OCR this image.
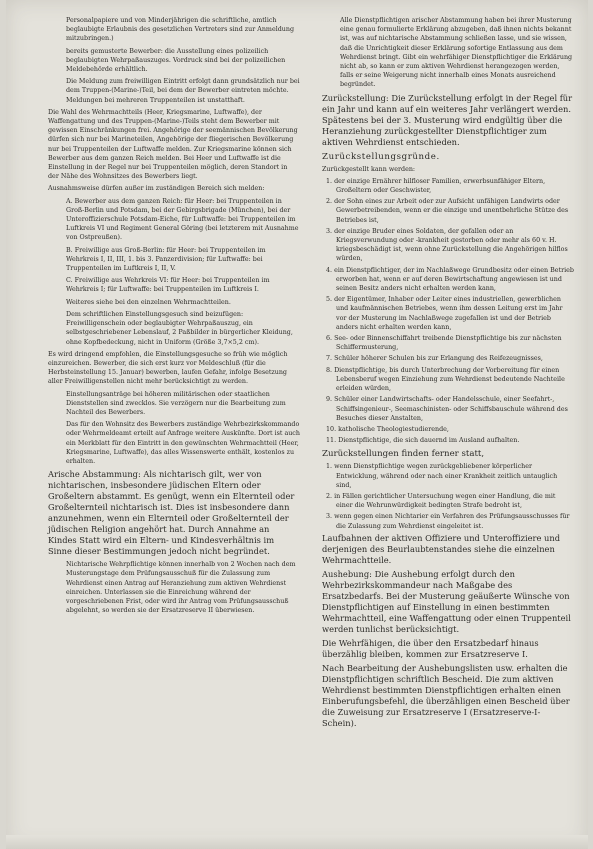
Personalpapiere und von Minderjährigen die schriftliche, amtlich beglaubigte Erlaubnis des gesetzlichen Vertreters sind zur Anmeldung mitzubringen.)

bereits gemusterte Bewerber: die Ausstellung eines polizeilich beglaubigten Wehrpaßauszuges. Vordruck sind bei der polizeilichen Meldebehörde erhältlich.

Die Meldung zum freiwilligen Eintritt erfolgt dann grundsätzlich nur bei dem Truppen-(Marine-)Teil, bei dem der Bewerber eintreten möchte. Meldungen bei mehreren Truppenteilen ist unstatthaft.

Die Wahl des Wehrmachtteils (Heer, Kriegsmarine, Luftwaffe), der Waffengattung und des Truppen-(Marine-)Teils steht dem Bewerber mit gewissen Einschränkungen frei. Angehörige der seemännischen Bevölkerung dürfen sich nur bei Marineteilen, Angehörige der fliegerischen Bevölkerung nur bei Truppenteilen der Luftwaffe melden. Zur Kriegsmarine können sich Bewerber aus dem ganzen Reich melden. Bei Heer und Luftwaffe ist die Einstellung in der Regel nur bei Truppenteilen möglich, deren Standort in der Nähe des Wohnsitzes des Bewerbers liegt.

Ausnahmsweise dürfen außer im zuständigen Bereich sich melden:

A. Bewerber aus dem ganzen Reich: für Heer: bei Truppenteilen in Groß-Berlin und Potsdam, bei der Gebirgsbrigade (München), bei der Unteroffizierschule Potsdam-Eiche, für Luftwaffe: bei Truppenteilen im Luftkreis VI und Regiment General Göring (bei letzterem mit Ausnahme von Ostpreußen).

B. Freiwillige aus Groß-Berlin: für Heer: bei Truppenteilen im Wehrkreis I, II, III, 1. bis 3. Panzerdivision; für Luftwaffe: bei Truppenteilen im Luftkreis I, II, V.

C. Freiwillige aus Wehrkreis VI: für Heer: bei Truppenteilen im Wehrkreis I; für Luftwaffe: bei Truppenteilen im Luftkreis I.

Weiteres siehe bei den einzelnen Wehrmachtteilen.

Dem schriftlichen Einstellungsgesuch sind beizufügen: Freiwilligenschein oder beglaubigter Wehrpaßauszug, ein selbstgeschriebener Lebenslauf, 2 Paßbilder in bürgerlicher Kleidung, ohne Kopfbedeckung, nicht in Uniform (Größe 3,7×5,2 cm).

Es wird dringend empfohlen, die Einstellungsgesuche so früh wie möglich einzureichen. Bewerber, die sich erst kurz vor Meldeschluß (für die Herbsteinstellung 15. Januar) bewerben, laufen Gefahr, infolge Besetzung aller Freiwilligenstellen nicht mehr berücksichtigt zu werden.

Einstellungsanträge bei höheren militärischen oder staatlichen Dienststellen sind zwecklos. Sie verzögern nur die Bearbeitung zum Nachteil des Bewerbers.

Das für den Wohnsitz des Bewerbers zuständige Wehrbezirkskommando oder Wehrmeldeamt erteilt auf Anfrage weitere Auskünfte. Dort ist auch ein Merkblatt für den Eintritt in den gewünschten Wehrmachtteil (Heer, Kriegsmarine, Luftwaffe), das alles Wissenswerte enthält, kostenlos zu erhalten.

Arische Abstammung: Als nichtarisch gilt, wer von nichtarischen, insbesondere jüdischen Eltern oder Großeltern abstammt. Es genügt, wenn ein Elternteil oder Großelternteil nichtarisch ist. Dies ist insbesondere dann anzunehmen, wenn ein Elternteil oder Großelternteil der jüdischen Religion angehört hat. Durch Annahme an Kindes Statt wird ein Eltern- und Kindesverhältnis im Sinne dieser Bestimmungen jedoch nicht begründet.

Nichtarische Wehrpflichtige können innerhalb von 2 Wochen nach dem Musterungstage dem Prüfungsausschuß für die Zulassung zum Wehrdienst einen Antrag auf Heranziehung zum aktiven Wehrdienst einreichen. Unterlassen sie die Einreichung während der vorgeschriebenen Frist, oder wird ihr Antrag vom Prüfungsausschuß abgelehnt, so werden sie der Ersatzreserve II überwiesen.

Alle Dienstpflichtigen arischer Abstammung haben bei ihrer Musterung eine genau formulierte Erklärung abzugeben, daß ihnen nichts bekannt ist, was auf nichtarische Abstammung schließen lasse, und sie wissen, daß die Unrichtigkeit dieser Erklärung sofortige Entlassung aus dem Wehrdienst bringt. Gibt ein wehrfähiger Dienstpflichtiger die Erklärung nicht ab, so kann er zum aktiven Wehrdienst herangezogen werden, falls er seine Weigerung nicht innerhalb eines Monats ausreichend begründet.

Zurückstellung: Die Zurückstellung erfolgt in der Regel für ein Jahr und kann auf ein weiteres Jahr verlängert werden. Spätestens bei der 3. Musterung wird endgültig über die Heranziehung zurückgestellter Dienstpflichtiger zum aktiven Wehrdienst entschieden.

Zurückstellungsgründe.

Zurückgestellt kann werden:

1. der einzige Ernährer hilfloser Familien, erwerbsunfähiger Eltern, Großeltern oder Geschwister,

2. der Sohn eines zur Arbeit oder zur Aufsicht unfähigen Landwirts oder Gewerbetreibenden, wenn er die einzige und unentbehrliche Stütze des Betriebes ist,

3. der einzige Bruder eines Soldaten, der gefallen oder an Kriegsverwundung oder -krankheit gestorben oder mehr als 60 v. H. kriegsbeschädigt ist, wenn ohne Zurückstellung die Angehörigen hilflos würden,

4. ein Dienstpflichtiger, der im Nachlaßwege Grundbesitz oder einen Betrieb erworben hat, wenn er auf deren Bewirtschaftung angewiesen ist und seinen Besitz anders nicht erhalten werden kann,

5. der Eigentümer, Inhaber oder Leiter eines industriellen, gewerblichen und kaufmännischen Betriebes, wenn ihm dessen Leitung erst im Jahr vor der Musterung im Nachlaßwege zugefallen ist und der Betrieb anders nicht erhalten werden kann,

6. See- oder Binnenschiffahrt treibende Dienstpflichtige bis zur nächsten Schiffermusterung,

7. Schüler höherer Schulen bis zur Erlangung des Reifezeugnisses,

8. Dienstpflichtige, bis durch Unterbrechung der Vorbereitung für einen Lebensberuf wegen Einziehung zum Wehrdienst bedeutende Nachteile erleiden würden,

9. Schüler einer Landwirtschafts- oder Handelsschule, einer Seefahrt-, Schiffsingenieur-, Seemaschinisten- oder Schiffsbauschule während des Besuches dieser Anstalten,

10. katholische Theologiestudierende,

11. Dienstpflichtige, die sich dauernd im Ausland aufhalten.

Zurückstellungen finden ferner statt,

1. wenn Dienstpflichtige wegen zurückgebliebener körperlicher Entwicklung, während oder nach einer Krankheit zeitlich untauglich sind,

2. in Fällen gerichtlicher Untersuchung wegen einer Handlung, die mit einer die Wehrunwürdigkeit bedingten Strafe bedroht ist,

3. wenn gegen einen Nichtarier ein Verfahren des Prüfungsausschusses für die Zulassung zum Wehrdienst eingeleitet ist.

Laufbahnen der aktiven Offiziere und Unteroffiziere und derjenigen des Beurlaubtenstandes siehe die einzelnen Wehrmachtteile.

Aushebung: Die Aushebung erfolgt durch den Wehrbezirkskommandeur nach Maßgabe des Ersatzbedarfs. Bei der Musterung geäußerte Wünsche von Dienstpflichtigen auf Einstellung in einen bestimmten Wehrmachtteil, eine Waffengattung oder einen Truppenteil werden tunlichst berücksichtigt.

Die Wehrfähigen, die über den Ersatzbedarf hinaus überzählig bleiben, kommen zur Ersatzreserve I.

Nach Bearbeitung der Aushebungslisten usw. erhalten die Dienstpflichtigen schriftlich Bescheid. Die zum aktiven Wehrdienst bestimmten Dienstpflichtigen erhalten einen Einberufungsbefehl, die überzähligen einen Bescheid über die Zuweisung zur Ersatzreserve I (Ersatzreserve-I-Schein).
